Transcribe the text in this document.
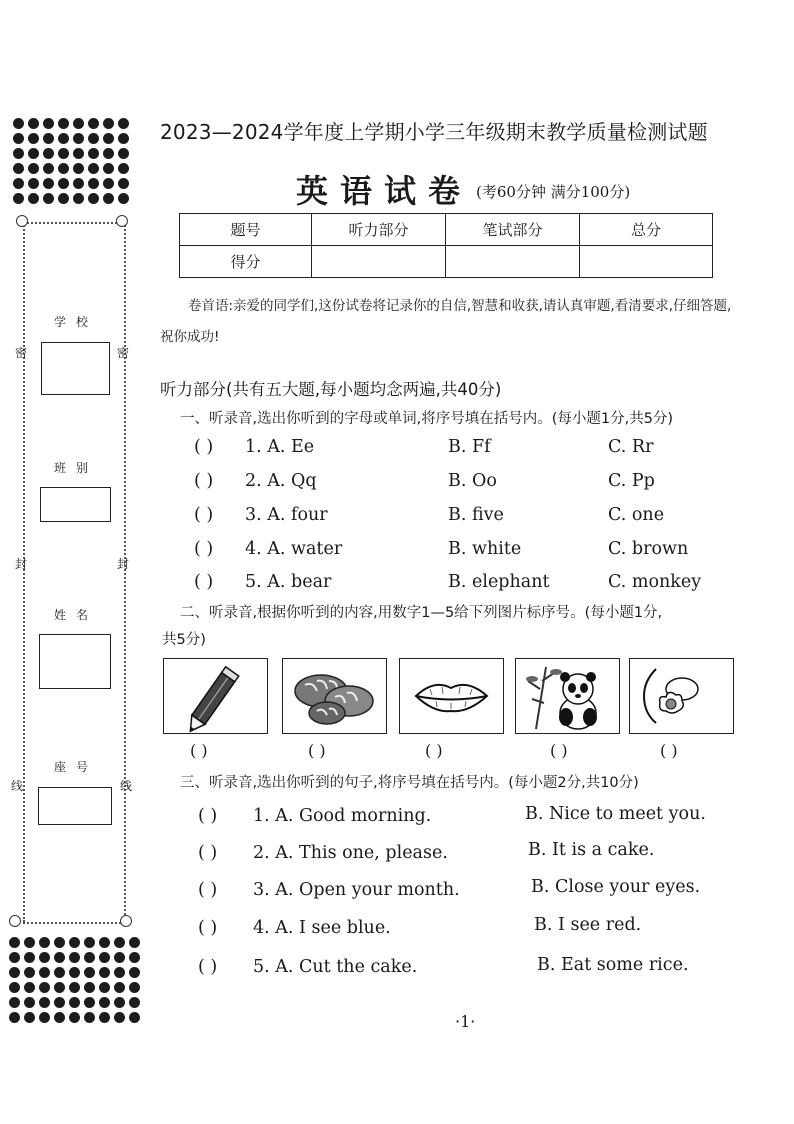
学校
班别
姓名
座号
密	密
封	封
线	线
2023—2024学年度上学期小学三年级期末教学质量检测试题
英语试卷 (考60分钟 满分100分)
题号	听力部分	笔试部分	总分
得分			
卷首语:亲爱的同学们,这份试卷将记录你的自信,智慧和收获,请认真审题,看清要求,仔细答题,祝你成功!
听力部分(共有五大题,每小题均念两遍,共40分)
一、听录音,选出你听到的字母或单词,将序号填在括号内。(每小题1分,共5分)
( ) 1. A. Ee	B. Ff	C. Rr
( ) 2. A. Qq	B. Oo	C. Pp
( ) 3. A. four	B. five	C. one
( ) 4. A. water	B. white	C. brown
( ) 5. A. bear	B. elephant	C. monkey
二、听录音,根据你听到的内容,用数字1—5给下列图片标序号。(每小题1分,
共5分)
( )	( )	( )	( )	( )
三、听录音,选出你听到的句子,将序号填在括号内。(每小题2分,共10分)
( ) 1. A. Good morning.	B. Nice to meet you.
( ) 2. A. This one, please.	B. It is a cake.
( ) 3. A. Open your month.	B. Close your eyes.
( ) 4. A. I see blue.	B. I see red.
( ) 5. A. Cut the cake.	B. Eat some rice.
·1·
